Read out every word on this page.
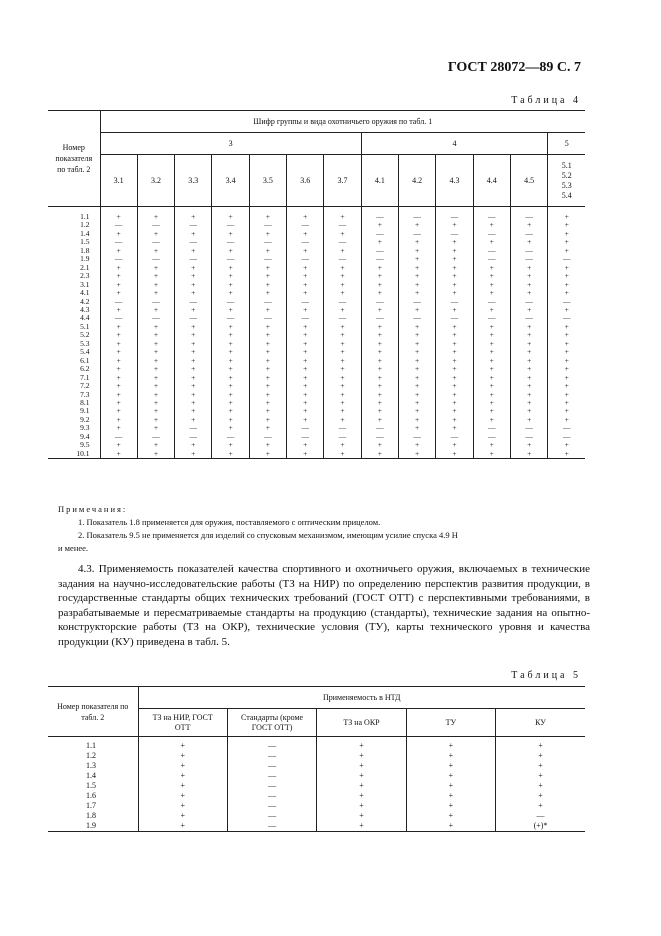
ГОСТ 28072—89 С. 7
Таблица 4
Номер показателя по табл. 2	Шифр группы и вида охотничьего оружия по табл. 1												
	3							4					5
	3.1	3.2	3.3	3.4	3.5	3.6	3.7	4.1	4.2	4.3	4.4	4.5	5.1
5.2
5.3
5.4

1.1	+	+	+	+	+	+	+	—	—	—	—	—	+
1.2	—	—	—	—	—	—	—	+	+	+	+	+	+
1.4	+	+	+	+	+	+	+	—	—	—	—	—	+
1.5	—	—	—	—	—	—	—	+	+	+	+	+	+
1.8	+	+	+	+	+	+	+	—	+	+	—	—	+
1.9	—	—	—	—	—	—	—	—	+	+	—	—	—
2.1	+	+	+	+	+	+	+	+	+	+	+	+	+
2.3	+	+	+	+	+	+	+	+	+	+	+	+	+
3.1	+	+	+	+	+	+	+	+	+	+	+	+	+
4.1	+	+	+	+	+	+	+	+	+	+	+	+	+
4.2	—	—	—	—	—	—	—	—	—	—	—	—	—
4.3	+	+	+	+	+	+	+	+	+	+	+	+	+
4.4	—	—	—	—	—	—	—	—	—	—	—	—	—
5.1	+	+	+	+	+	+	+	+	+	+	+	+	+
5.2	+	+	+	+	+	+	+	+	+	+	+	+	+
5.3	+	+	+	+	+	+	+	+	+	+	+	+	+
5.4	+	+	+	+	+	+	+	+	+	+	+	+	+
6.1	+	+	+	+	+	+	+	+	+	+	+	+	+
6.2	+	+	+	+	+	+	+	+	+	+	+	+	+
7.1	+	+	+	+	+	+	+	+	+	+	+	+	+
7.2	+	+	+	+	+	+	+	+	+	+	+	+	+
7.3	+	+	+	+	+	+	+	+	+	+	+	+	+
8.1	+	+	+	+	+	+	+	+	+	+	+	+	+
9.1	+	+	+	+	+	+	+	+	+	+	+	+	+
9.2	+	+	+	+	+	+	+	+	+	+	+	+	+
9.3	+	+	—	+	+	—	—	—	+	+	—	—	—
9.4	—	—	—	—	—	—	—	—	—	—	—	—	—
9.5	+	+	+	+	+	+	+	+	+	+	+	+	+
10.1	+	+	+	+	+	+	+	+	+	+	+	+	+
Примечания:
1. Показатель 1.8 применяется для оружия, поставляемого с оптическим прицелом.
2. Показатель 9.5 не применяется для изделий со спусковым механизмом, имеющим усилие спуска 4.9 Н
и менее.
4.3. Применяемость показателей качества спортивного и охотничьего оружия, включаемых в технические задания на научно-исследовательские работы (ТЗ на НИР) по определению перспектив развития продукции, в государственные стандарты общих технических требований (ГОСТ ОТТ) с перспективными требованиями, в разрабатываемые и пересматриваемые стандарты на продукцию (стандарты), технические задания на опытно-конструкторские работы (ТЗ на ОКР), технические условия (ТУ), карты технического уровня и качества продукции (КУ) приведена в табл. 5.
Таблица 5
Номер показателя по табл. 2	Применяемость в НТД				
	ТЗ на НИР, ГОСТ ОТТ	Стандарты (кроме ГОСТ ОТТ)	ТЗ на ОКР	ТУ	КУ
1.1	+	—	+	+	+
1.2	+	—	+	+	+
1.3	+	—	+	+	+
1.4	+	—	+	+	+
1.5	+	—	+	+	+
1.6	+	—	+	+	+
1.7	+	—	+	+	+
1.8	+	—	+	+	—
1.9	+	—	+	+	(+)*
